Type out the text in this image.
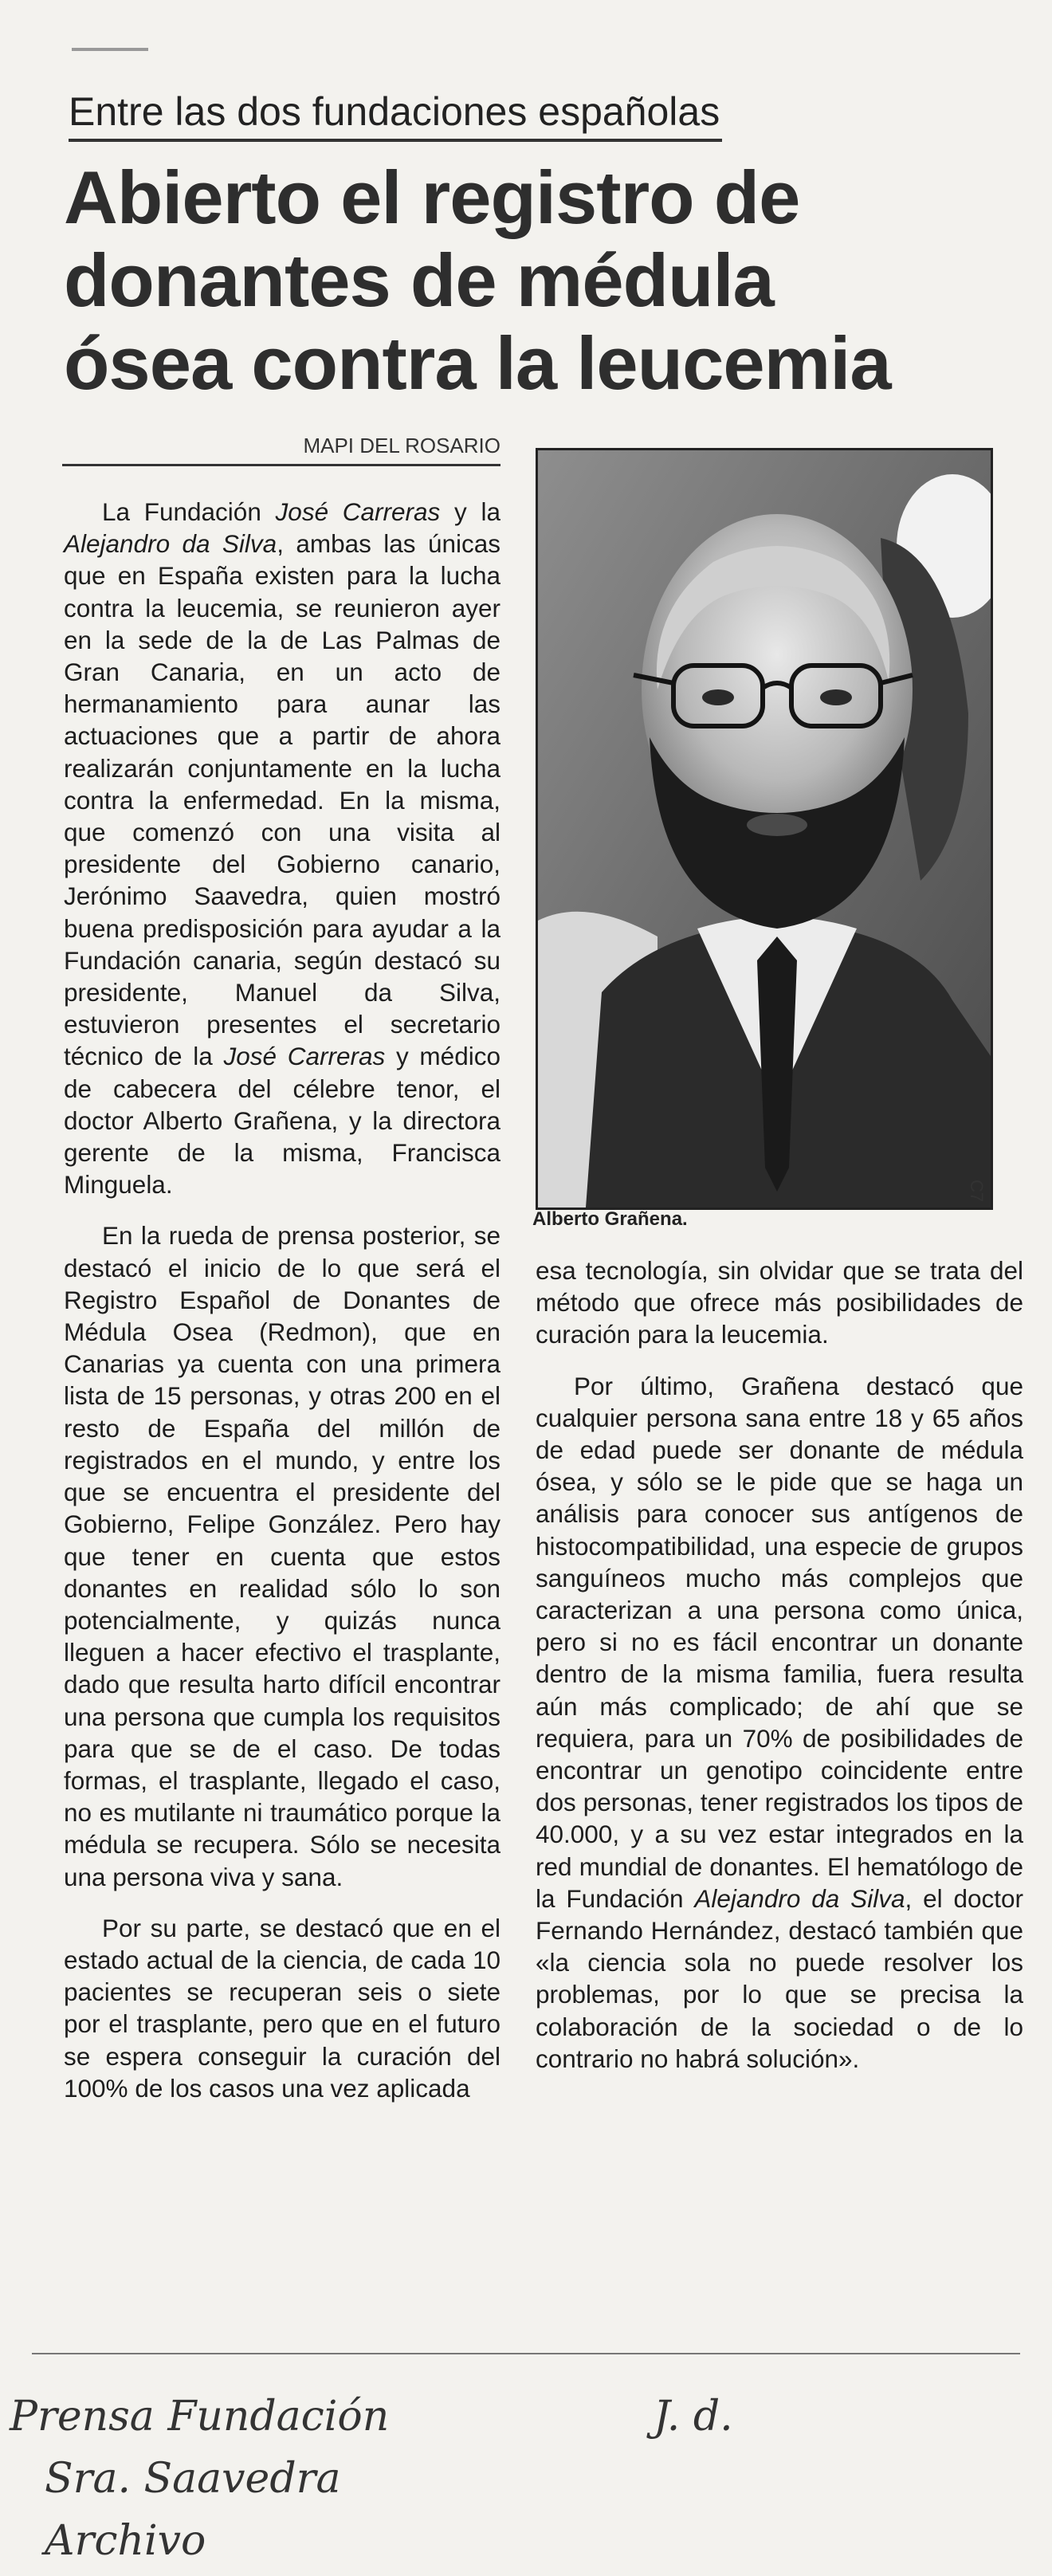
Entre las dos fundaciones españolas
Abierto el registro de
donantes de médula
ósea contra la leucemia
MAPI DEL ROSARIO

La Fundación José Carreras y la Alejandro da Silva, ambas las únicas que en España existen para la lucha contra la leucemia, se reunieron ayer en la sede de la de Las Palmas de Gran Canaria, en un acto de hermanamiento para aunar las actuaciones que a partir de ahora realizarán conjuntamente en la lucha contra la enfermedad. En la misma, que comenzó con una visita al presidente del Gobierno canario, Jerónimo Saavedra, quien mostró buena predisposición para ayudar a la Fundación canaria, según destacó su presidente, Manuel da Silva, estuvieron presentes el secretario técnico de la José Carreras y médico de cabecera del célebre tenor, el doctor Alberto Grañena, y la directora gerente de la misma, Francisca Minguela.

En la rueda de prensa posterior, se destacó el inicio de lo que será el Registro Español de Donantes de Médula Osea (Redmon), que en Canarias ya cuenta con una primera lista de 15 personas, y otras 200 en el resto de España del millón de registrados en el mundo, y entre los que se encuentra el presidente del Gobierno, Felipe González. Pero hay que tener en cuenta que estos donantes en realidad sólo lo son potencialmente, y quizás nunca lleguen a hacer efectivo el trasplante, dado que resulta harto difícil encontrar una persona que cumpla los requisitos para que se de el caso. De todas formas, el trasplante, llegado el caso, no es mutilante ni traumático porque la médula se recupera. Sólo se necesita una persona viva y sana.

Por su parte, se destacó que en el estado actual de la ciencia, de cada 10 pacientes se recuperan seis o siete por el trasplante, pero que en el futuro se espera conseguir la curación del 100% de los casos una vez aplicada

Alberto Grañena.
C7

esa tecnología, sin olvidar que se trata del método que ofrece más posibilidades de curación para la leucemia.

Por último, Grañena destacó que cualquier persona sana entre 18 y 65 años de edad puede ser donante de médula ósea, y sólo se le pide que se haga un análisis para conocer sus antígenos de histocompatibilidad, una especie de grupos sanguíneos mucho más complejos que caracterizan a una persona como única, pero si no es fácil encontrar un donante dentro de la misma familia, fuera resulta aún más complicado; de ahí que se requiera, para un 70% de posibilidades de encontrar un genotipo coincidente entre dos personas, tener registrados los tipos de 40.000, y a su vez estar integrados en la red mundial de donantes. El hematólogo de la Fundación Alejandro da Silva, el doctor Fernando Hernández, destacó también que «la ciencia sola no puede resolver los problemas, por lo que se precisa la colaboración de la sociedad o de lo contrario no habrá solución».

Prensa Fundación
Sra. Saavedra
Archivo
J. d.
